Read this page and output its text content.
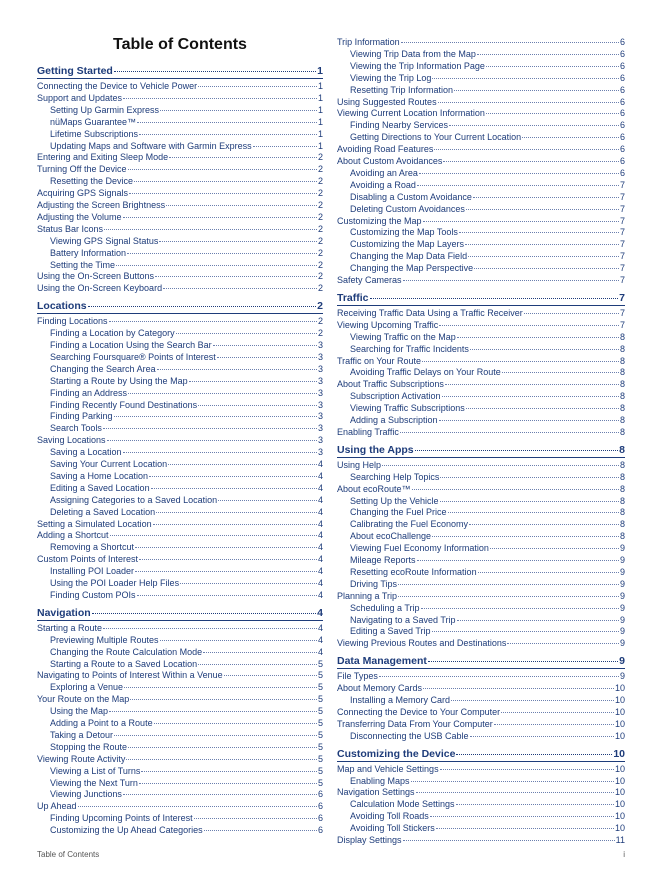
Table of Contents
Getting Started	1
Connecting the Device to Vehicle Power	1
Support and Updates	1
Setting Up Garmin Express	1
nüMaps Guarantee™	1
Lifetime Subscriptions	1
Updating Maps and Software with Garmin Express	1
Entering and Exiting Sleep Mode	2
Turning Off the Device	2
Resetting the Device	2
Acquiring GPS Signals	2
Adjusting the Screen Brightness	2
Adjusting the Volume	2
Status Bar Icons	2
Viewing GPS Signal Status	2
Battery Information	2
Setting the Time	2
Using the On-Screen Buttons	2
Using the On-Screen Keyboard	2
Locations	2
Finding Locations	2
Finding a Location by Category	2
Finding a Location Using the Search Bar	3
Searching Foursquare® Points of Interest	3
Changing the Search Area	3
Starting a Route by Using the Map	3
Finding an Address	3
Finding Recently Found Destinations	3
Finding Parking	3
Search Tools	3
Saving Locations	3
Saving a Location	3
Saving Your Current Location	4
Saving a Home Location	4
Editing a Saved Location	4
Assigning Categories to a Saved Location	4
Deleting a Saved Location	4
Setting a Simulated Location	4
Adding a Shortcut	4
Removing a Shortcut	4
Custom Points of Interest	4
Installing POI Loader	4
Using the POI Loader Help Files	4
Finding Custom POIs	4
Navigation	4
Starting a Route	4
Previewing Multiple Routes	4
Changing the Route Calculation Mode	4
Starting a Route to a Saved Location	5
Navigating to Points of Interest Within a Venue	5
Exploring a Venue	5
Your Route on the Map	5
Using the Map	5
Adding a Point to a Route	5
Taking a Detour	5
Stopping the Route	5
Viewing Route Activity	5
Viewing a List of Turns	5
Viewing the Next Turn	5
Viewing Junctions	6
Up Ahead	6
Finding Upcoming Points of Interest	6
Customizing the Up Ahead Categories	6
Trip Information	6
Viewing Trip Data from the Map	6
Viewing the Trip Information Page	6
Viewing the Trip Log	6
Resetting Trip Information	6
Using Suggested Routes	6
Viewing Current Location Information	6
Finding Nearby Services	6
Getting Directions to Your Current Location	6
Avoiding Road Features	6
About Custom Avoidances	6
Avoiding an Area	6
Avoiding a Road	7
Disabling a Custom Avoidance	7
Deleting Custom Avoidances	7
Customizing the Map	7
Customizing the Map Tools	7
Customizing the Map Layers	7
Changing the Map Data Field	7
Changing the Map Perspective	7
Safety Cameras	7
Traffic	7
Receiving Traffic Data Using a Traffic Receiver	7
Viewing Upcoming Traffic	7
Viewing Traffic on the Map	8
Searching for Traffic Incidents	8
Traffic on Your Route	8
Avoiding Traffic Delays on Your Route	8
About Traffic Subscriptions	8
Subscription Activation	8
Viewing Traffic Subscriptions	8
Adding a Subscription	8
Enabling Traffic	8
Using the Apps	8
Using Help	8
Searching Help Topics	8
About ecoRoute™	8
Setting Up the Vehicle	8
Changing the Fuel Price	8
Calibrating the Fuel Economy	8
About ecoChallenge	8
Viewing Fuel Economy Information	9
Mileage Reports	9
Resetting ecoRoute Information	9
Driving Tips	9
Planning a Trip	9
Scheduling a Trip	9
Navigating to a Saved Trip	9
Editing a Saved Trip	9
Viewing Previous Routes and Destinations	9
Data Management	9
File Types	9
About Memory Cards	10
Installing a Memory Card	10
Connecting the Device to Your Computer	10
Transferring Data From Your Computer	10
Disconnecting the USB Cable	10
Customizing the Device	10
Map and Vehicle Settings	10
Enabling Maps	10
Navigation Settings	10
Calculation Mode Settings	10
Avoiding Toll Roads	10
Avoiding Toll Stickers	10
Display Settings	11
Table of Contents	i
